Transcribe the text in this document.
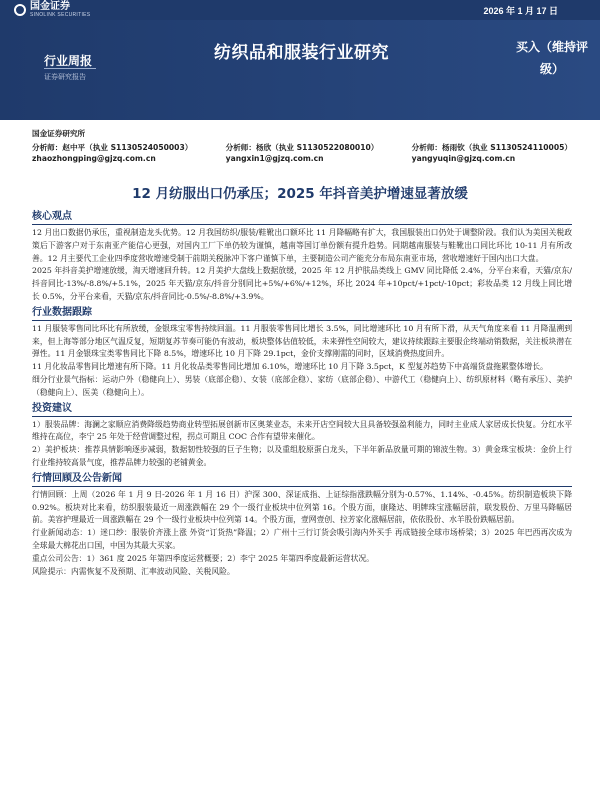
国金证券
SINOLINK SECURITIES	2026 年 1 月 17 日
行业周报
证券研究报告
纺织品和服装行业研究	买入（维持评
级）
国金证券研究所
分析师：赵中平（执业 S1130524050003）
zhaozhongping@gjzq.com.cn
分析师：杨欣（执业 S1130522080010）
yangxin1@gjzq.com.cn
分析师：杨雨钦（执业 S1130524110005）
yangyuqin@gjzq.com.cn
12 月纺服出口仍承压；2025 年抖音美护增速显著放缓
核心观点

12 月出口数据仍承压，重视制造龙头优势。12 月我国纺织/服装/鞋靴出口额环比 11 月降幅略有扩大，我国服装出口仍处于调整阶段。我们认为美国关税政策后下游客户对于东南亚产能信心更强，对国内工厂下单仍较为谨慎，越南等国订单份额有提升趋势。同期越南服装与鞋靴出口同比环比 10-11 月有所改善。12 月主要代工企业四季度营收增速受制于前期关税脉冲下客户谨慎下单，主要制造公司产能充分布局东南亚市场，营收增速好于国内出口大盘。

2025 年抖音美护增速放缓，淘天增速回升转。12 月美护大盘线上数据放缓，2025 年 12 月护肤品类线上 GMV 同比降低 2.4%，分平台来看，天猫/京东/抖音同比-13%/-8.8%/+5.1%，2025 年天猫/京东/抖音分别同比+5%/+6%/+12%，环比 2024 年+10pct/+1pct/-10pct；彩妆品类 12 月线上同比增长 0.5%，分平台来看，天猫/京东/抖音同比-0.5%/-8.8%/+3.9%。

行业数据跟踪

11 月服装零售同比环比有所放缓，金银珠宝零售持续回温。11 月服装零售同比增长 3.5%，同比增速环比 10 月有所下滑，从天气角度来看 11 月降温溯到来，但上海等部分地区气温反复，短期复苏节奏可能仍有波动，板块整体估值较低，未来弹性空间较大，建议持续跟踪主要服企终端动销数据，关注板块潜在弹性。11 月金银珠宝类零售同比下降 8.5%，增速环比 10 月下降 29.1pct，金价支撑刚需的同时，区域消费热度回升。

11 月化妆品零售同比增速有所下降。11 月化妆品类零售同比增加 6.10%，增速环比 10 月下降 3.5pct，K 型复苏趋势下中高端货盘拖累整体增长。

细分行业景气指标：运动户外（稳健向上）、男装（底部企稳）、女装（底部企稳）、家纺（底部企稳）、中游代工（稳健向上）、纺织原材料（略有承压）、美护（稳健向上）、医美（稳健向上）。

投资建议

1）服装品牌：海澜之家顺应消费降级趋势商业转型拓展创新市区奥莱业态，未来开店空间较大且具备较强盈利能力，同时主业成人家居成长快复。分红水平维持在高位，李宁 25 年处于经营调整过程，拐点可期且 COC 合作有望带来催化。

2）美护板块：推荐具情影响逐步减弱，数据韧性较强的巨子生物；以及重组胶原蛋白龙头，下半年新品放量可期的锦波生物。3）黄金珠宝板块：金价上行行业维持较高景气度，推荐品牌力较强的老铺黄金。

行情回顾及公告新闻

行情回顾：上周（2026 年 1 月 9 日-2026 年 1 月 16 日）沪深 300、深证成指、上证综指涨跌幅分别为-0.57%、1.14%、-0.45%。纺织制造板块下降 0.92%。板块对比来看，纺织服装最近一周涨跌幅在 29 个一级行业板块中位列第 16。个股方面，康隆达、明牌珠宝涨幅居前，联发股份、万里马降幅居前。美容护理最近一周涨跌幅在 29 个一级行业板块中位列第 14。个股方面，壹网壹创、拉芳家化涨幅居前，依依股份、水羊股份跌幅居前。

行业新闻动态：1）迷口纱：服装价齐涨上涨 外资“订货热”降温；2）广州十三行订货会吸引海内外买手 再成链接全球市场桥梁；3）2025 年巴西再次成为全球最大棉花出口国，中国为其最大买家。

重点公司公告：1）361 度 2025 年第四季度运营概要；2）李宁 2025 年第四季度最新运营状况。

风险提示：内需恢复不及预期、汇率波动风险、关税风险。
